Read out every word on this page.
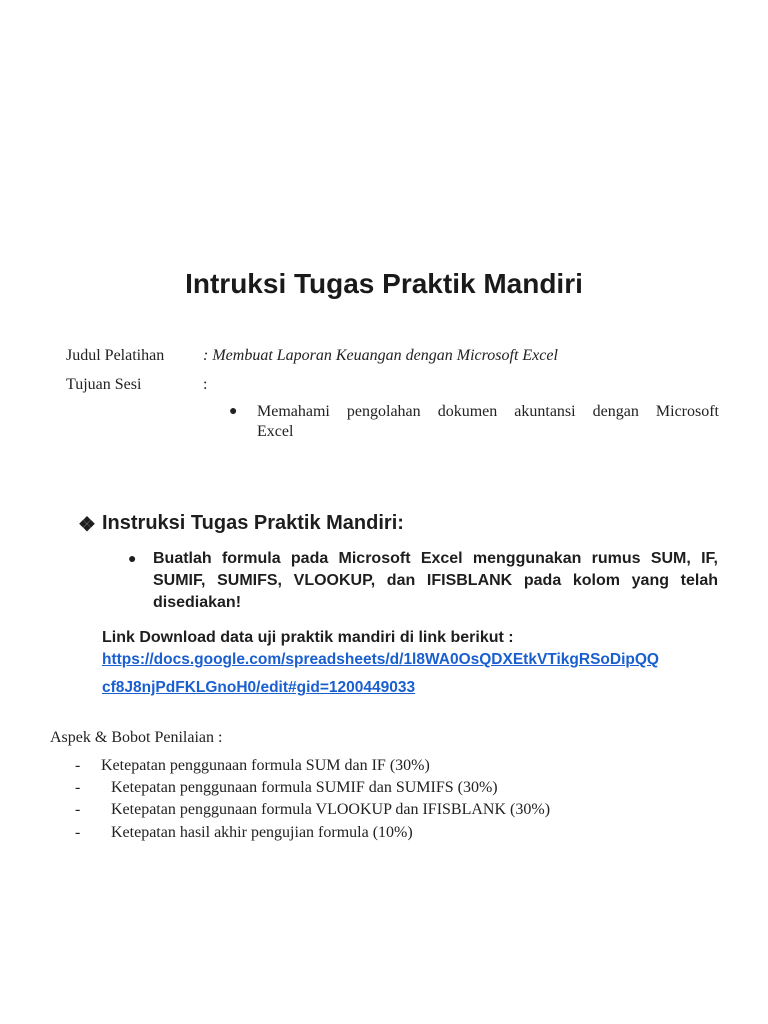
Intruksi Tugas Praktik Mandiri
Judul Pelatihan : Membuat Laporan Keuangan dengan Microsoft Excel
Tujuan Sesi	:
● Memahami pengolahan dokumen akuntansi dengan Microsoft
Excel
❖ Instruksi Tugas Praktik Mandiri:
● Buatlah formula pada Microsoft Excel menggunakan rumus SUM, IF,
SUMIF, SUMIFS, VLOOKUP, dan IFISBLANK pada kolom yang telah
disediakan!
Link Download data uji praktik mandiri di link berikut :
https://docs.google.com/spreadsheets/d/1l8WA0OsQDXEtkVTikgRSoDipQQ
cf8J8njPdFKLGnoH0/edit#gid=1200449033
Aspek & Bobot Penilaian :
- Ketepatan penggunaan formula SUM dan IF (30%)
- Ketepatan penggunaan formula SUMIF dan SUMIFS (30%)
- Ketepatan penggunaan formula VLOOKUP dan IFISBLANK (30%)
- Ketepatan hasil akhir pengujian formula (10%)
